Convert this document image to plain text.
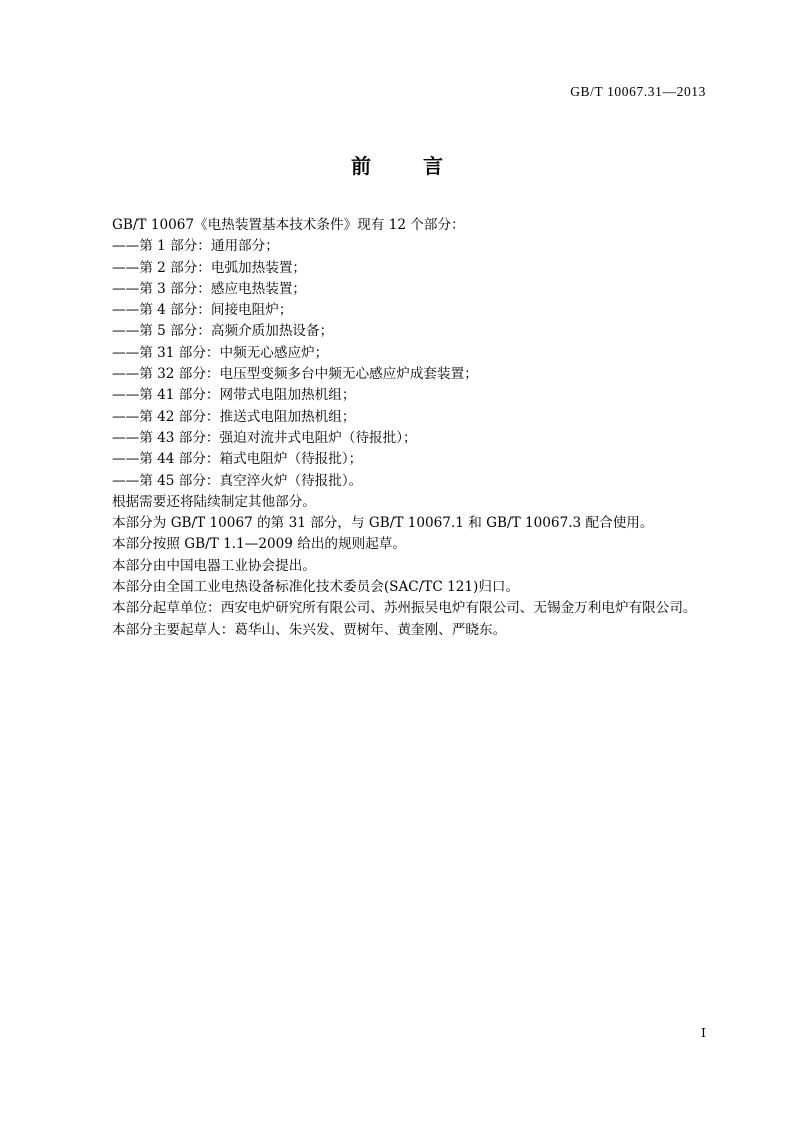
GB/T 10067.31—2013
前　言

GB/T 10067《电热装置基本技术条件》现有 12 个部分：

——第 1 部分：通用部分；

——第 2 部分：电弧加热装置；

——第 3 部分：感应电热装置；

——第 4 部分：间接电阻炉；

——第 5 部分：高频介质加热设备；

——第 31 部分：中频无心感应炉；

——第 32 部分：电压型变频多台中频无心感应炉成套装置；

——第 41 部分：网带式电阻加热机组；

——第 42 部分：推送式电阻加热机组；

——第 43 部分：强迫对流井式电阻炉（待报批）；

——第 44 部分：箱式电阻炉（待报批）；

——第 45 部分：真空淬火炉（待报批）。

根据需要还将陆续制定其他部分。

本部分为 GB/T 10067 的第 31 部分，与 GB/T 10067.1 和 GB/T 10067.3 配合使用。

本部分按照 GB/T 1.1—2009 给出的规则起草。

本部分由中国电器工业协会提出。

本部分由全国工业电热设备标准化技术委员会(SAC/TC 121)归口。

本部分起草单位：西安电炉研究所有限公司、苏州振吴电炉有限公司、无锡金万利电炉有限公司。

本部分主要起草人：葛华山、朱兴发、贾树年、黄奎刚、严晓东。

Ⅰ
